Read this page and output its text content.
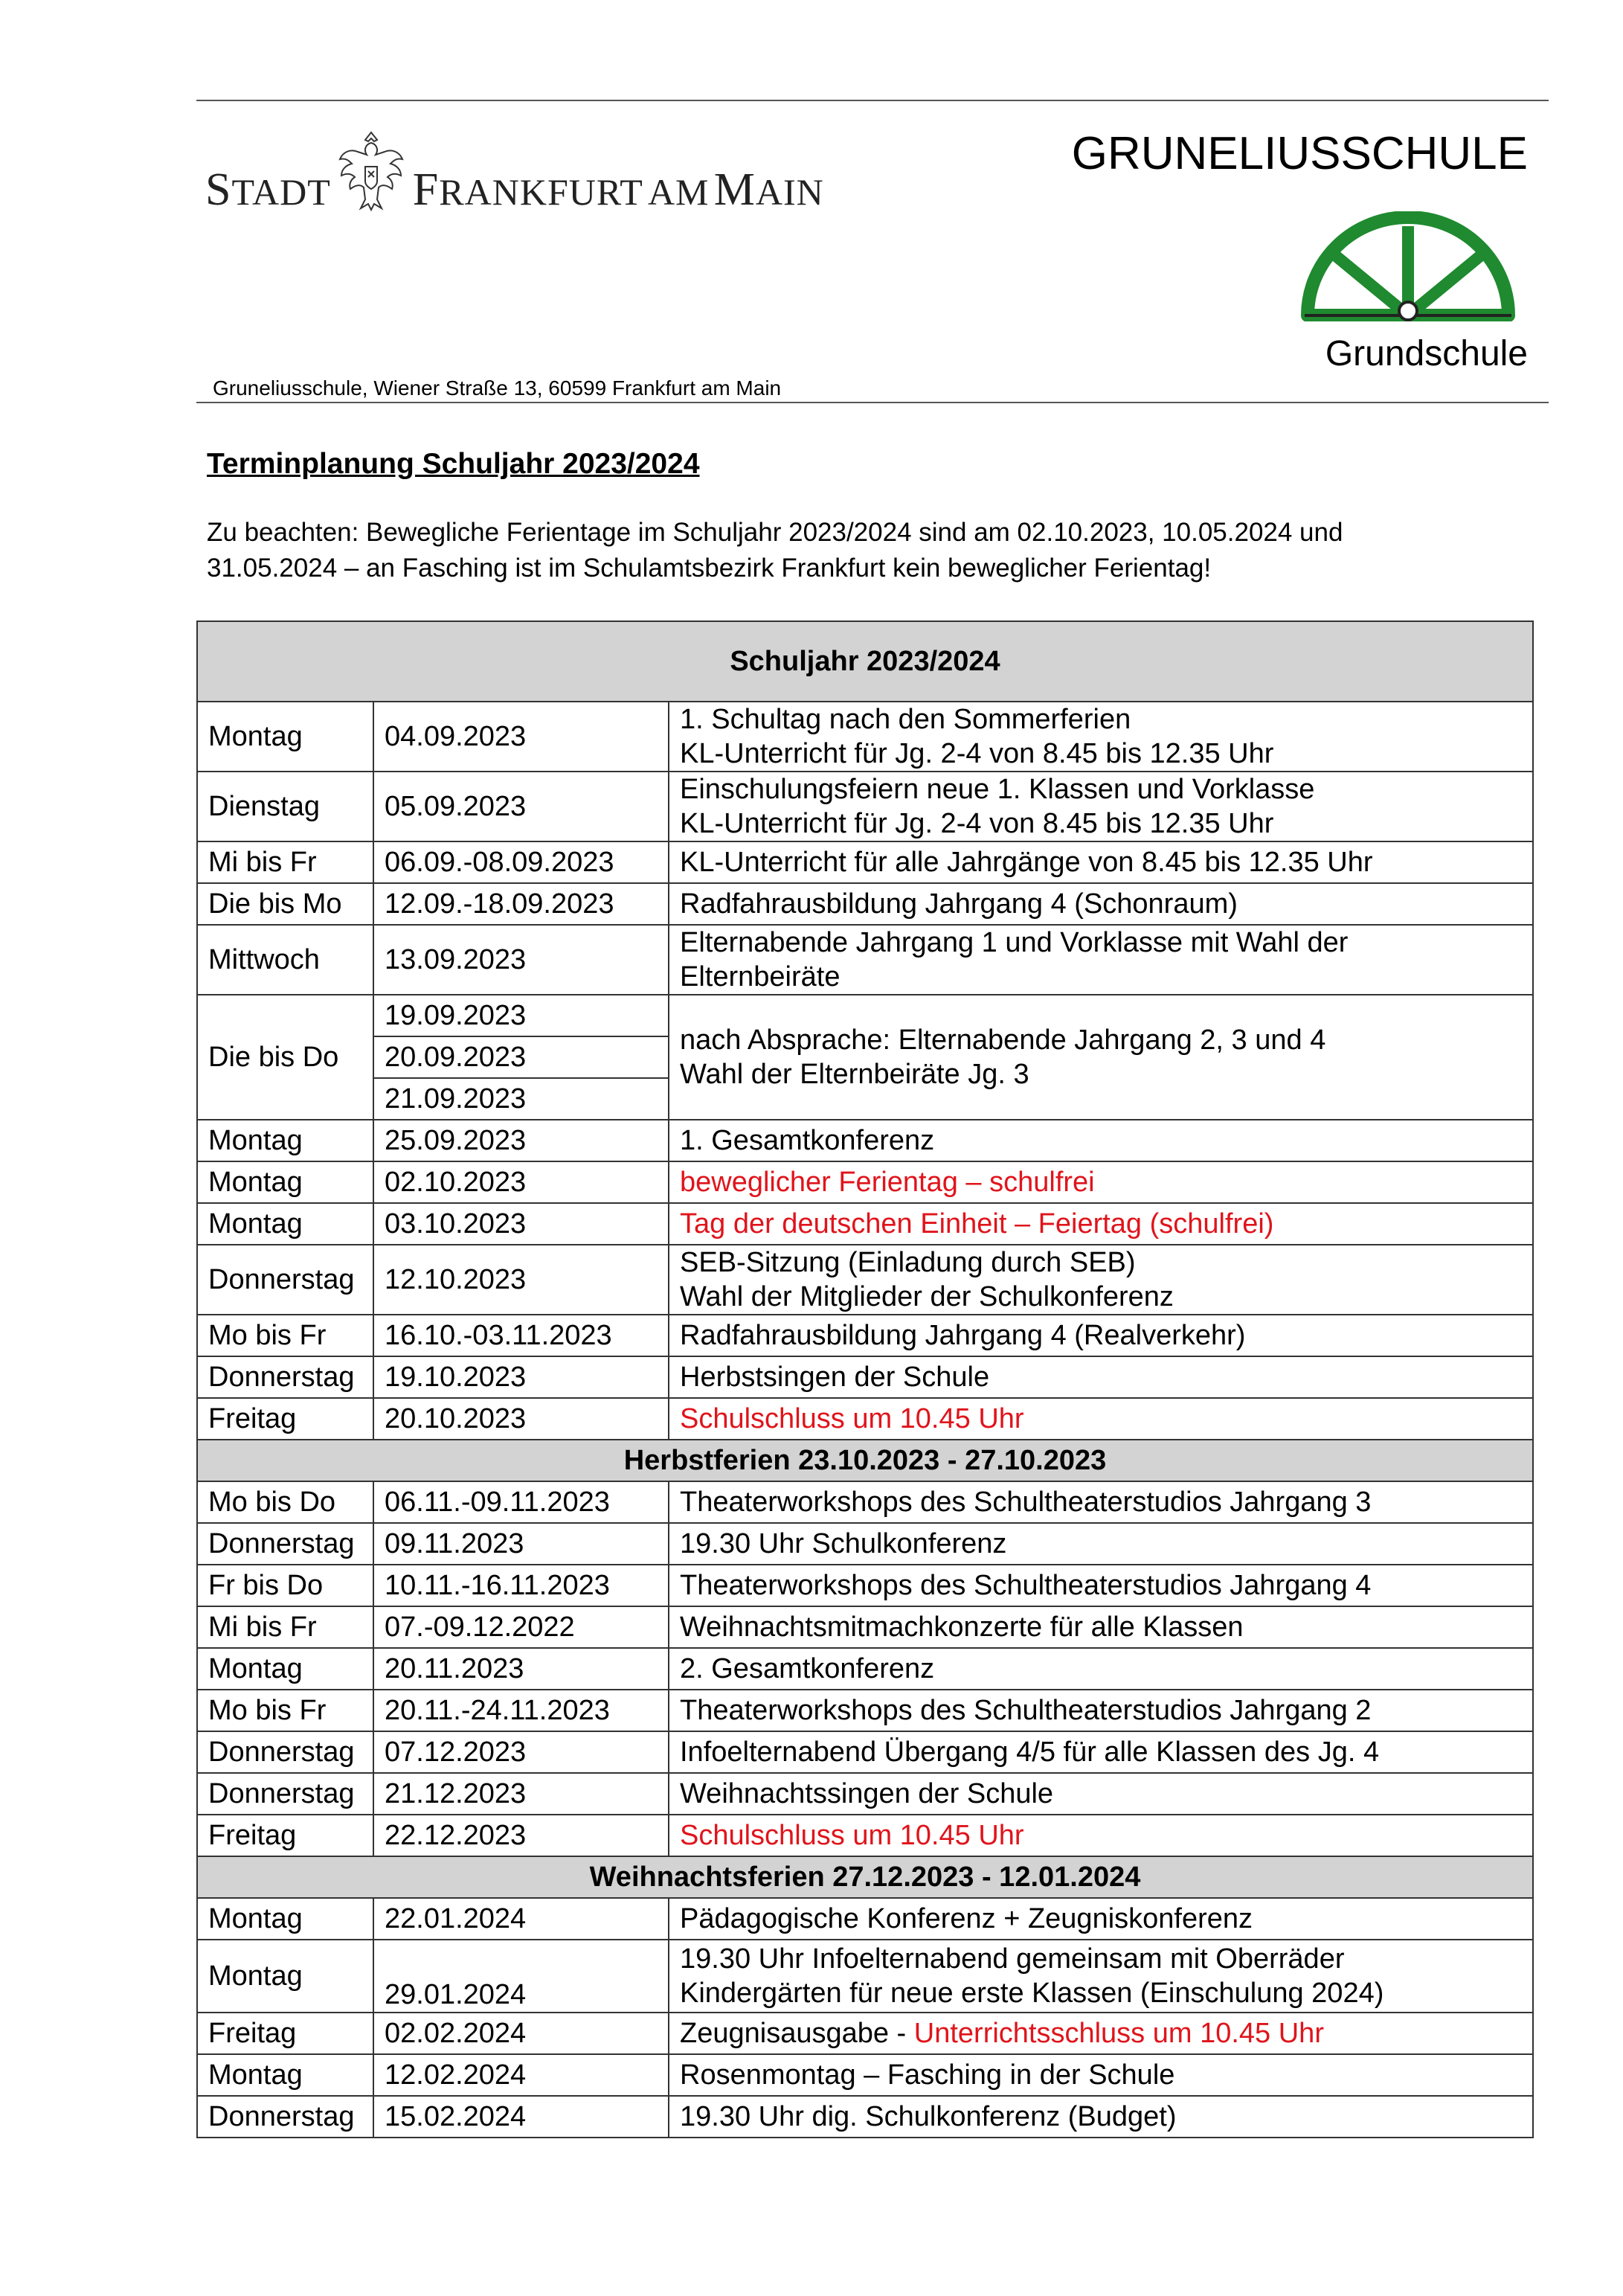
STADT FRANKFURT  AM MAIN
GRUNELIUSSCHULE
Grundschule
Gruneliusschule, Wiener Straße 13, 60599 Frankfurt am Main
Terminplanung Schuljahr 2023/2024
Zu beachten: Bewegliche Ferientage im Schuljahr 2023/2024 sind am 02.10.2023, 10.05.2024 und
31.05.2024 – an Fasching ist im Schulamtsbezirk Frankfurt kein beweglicher Ferientag!
Schuljahr 2023/2024		
Montag	04.09.2023	1. Schultag nach den Sommerferien
KL-Unterricht für Jg. 2-4 von 8.45 bis 12.35 Uhr

Dienstag	05.09.2023	Einschulungsfeiern neue 1. Klassen und Vorklasse
KL-Unterricht für Jg. 2-4 von 8.45 bis 12.35 Uhr

Mi bis Fr	06.09.-08.09.2023	KL-Unterricht für alle Jahrgänge von 8.45 bis 12.35 Uhr
Die bis Mo	12.09.-18.09.2023	Radfahrausbildung Jahrgang 4 (Schonraum)
Mittwoch	13.09.2023	Elternabende Jahrgang 1 und Vorklasse mit Wahl der
Elternbeiräte

Die bis Do	19.09.2023	nach Absprache: Elternabende Jahrgang 2, 3 und 4
Wahl der Elternbeiräte Jg. 3

	20.09.2023	
	21.09.2023	
Montag	25.09.2023	1. Gesamtkonferenz
Montag	02.10.2023	beweglicher Ferientag – schulfrei
Montag	03.10.2023	Tag der deutschen Einheit – Feiertag (schulfrei)
Donnerstag	12.10.2023	SEB-Sitzung (Einladung durch SEB)
Wahl der Mitglieder der Schulkonferenz

Mo bis Fr	16.10.-03.11.2023	Radfahrausbildung Jahrgang 4 (Realverkehr)
Donnerstag	19.10.2023	Herbstsingen der Schule
Freitag	20.10.2023	Schulschluss um 10.45 Uhr
Herbstferien 23.10.2023 - 27.10.2023		
Mo bis Do	06.11.-09.11.2023	Theaterworkshops des Schultheaterstudios Jahrgang 3
Donnerstag	09.11.2023	19.30 Uhr Schulkonferenz
Fr bis Do	10.11.-16.11.2023	Theaterworkshops des Schultheaterstudios Jahrgang 4
Mi bis Fr	07.-09.12.2022	Weihnachtsmitmachkonzerte für alle Klassen
Montag	20.11.2023	2. Gesamtkonferenz
Mo bis Fr	20.11.-24.11.2023	Theaterworkshops des Schultheaterstudios Jahrgang 2
Donnerstag	07.12.2023	Infoelternabend Übergang 4/5 für alle Klassen des Jg. 4
Donnerstag	21.12.2023	Weihnachtssingen der Schule
Freitag	22.12.2023	Schulschluss um 10.45 Uhr
Weihnachtsferien 27.12.2023 - 12.01.2024		
Montag	22.01.2024	Pädagogische Konferenz + Zeugniskonferenz
Montag	29.01.2024	19.30 Uhr Infoelternabend gemeinsam mit Oberräder
Kindergärten für neue erste Klassen (Einschulung 2024)

Freitag	02.02.2024	Zeugnisausgabe - Unterrichtsschluss um 10.45 Uhr
Montag	12.02.2024	Rosenmontag – Fasching in der Schule
Donnerstag	15.02.2024	19.30 Uhr dig. Schulkonferenz (Budget)
